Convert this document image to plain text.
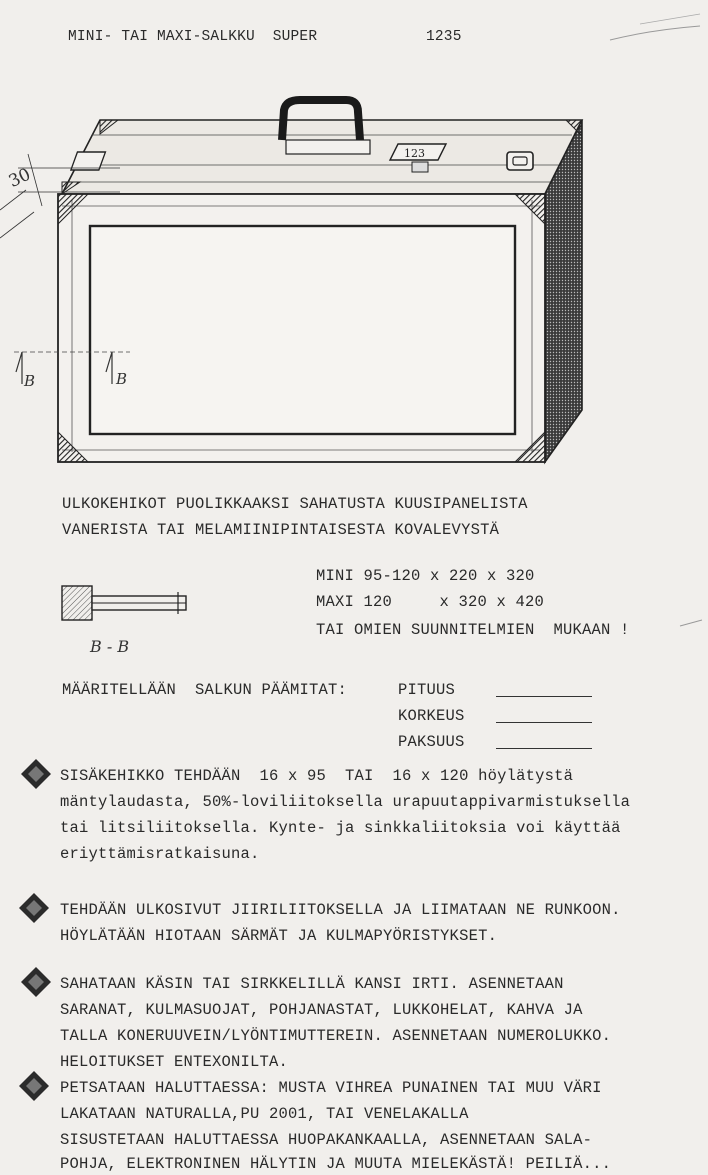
MINI- TAI MAXI-SALKKU  SUPER	1235
123
30
B	B
ULKOKEHIKOT PUOLIKKAAKSI SAHATUSTA KUUSIPANELISTA
VANERISTA TAI MELAMIINIPINTAISESTA KOVALEVYSTÄ
B - B
MINI 95-120 x 220 x 320
MAXI 120     x 320 x 420
TAI OMIEN SUUNNITELMIEN  MUKAAN !
MÄÄRITELLÄÄN  SALKUN PÄÄMITAT:	PITUUS
KORKEUS
PAKSUUS
SISÄKEHIKKO TEHDÄÄN  16 x 95  TAI  16 x 120 höylätystä
mäntylaudasta, 50%-loviliitoksella urapuutappivarmistuksella
tai litsiliitoksella. Kynte- ja sinkkaliitoksia voi käyttää
eriyttämisratkaisuna.
TEHDÄÄN ULKOSIVUT JIIRILIITOKSELLA JA LIIMATAAN NE RUNKOON.
HÖYLÄTÄÄN HIOTAAN SÄRMÄT JA KULMAPYÖRISTYKSET.
SAHATAAN KÄSIN TAI SIRKKELILLÄ KANSI IRTI. ASENNETAAN
SARANAT, KULMASUOJAT, POHJANASTAT, LUKKOHELAT, KAHVA JA
TALLA KONERUUVEIN/LYÖNTIMUTTEREIN. ASENNETAAN NUMEROLUKKO.
HELOITUKSET ENTEXONILTA.
PETSATAAN HALUTTAESSA: MUSTA VIHREA PUNAINEN TAI MUU VÄRI
LAKATAAN NATURALLA,PU 2001, TAI VENELAKALLA
SISUSTETAAN HALUTTAESSA HUOPAKANKAALLA, ASENNETAAN SALA-
POHJA, ELEKTRONINEN HÄLYTIN JA MUUTA MIELEKÄSTÄ! PEILIÄ...
